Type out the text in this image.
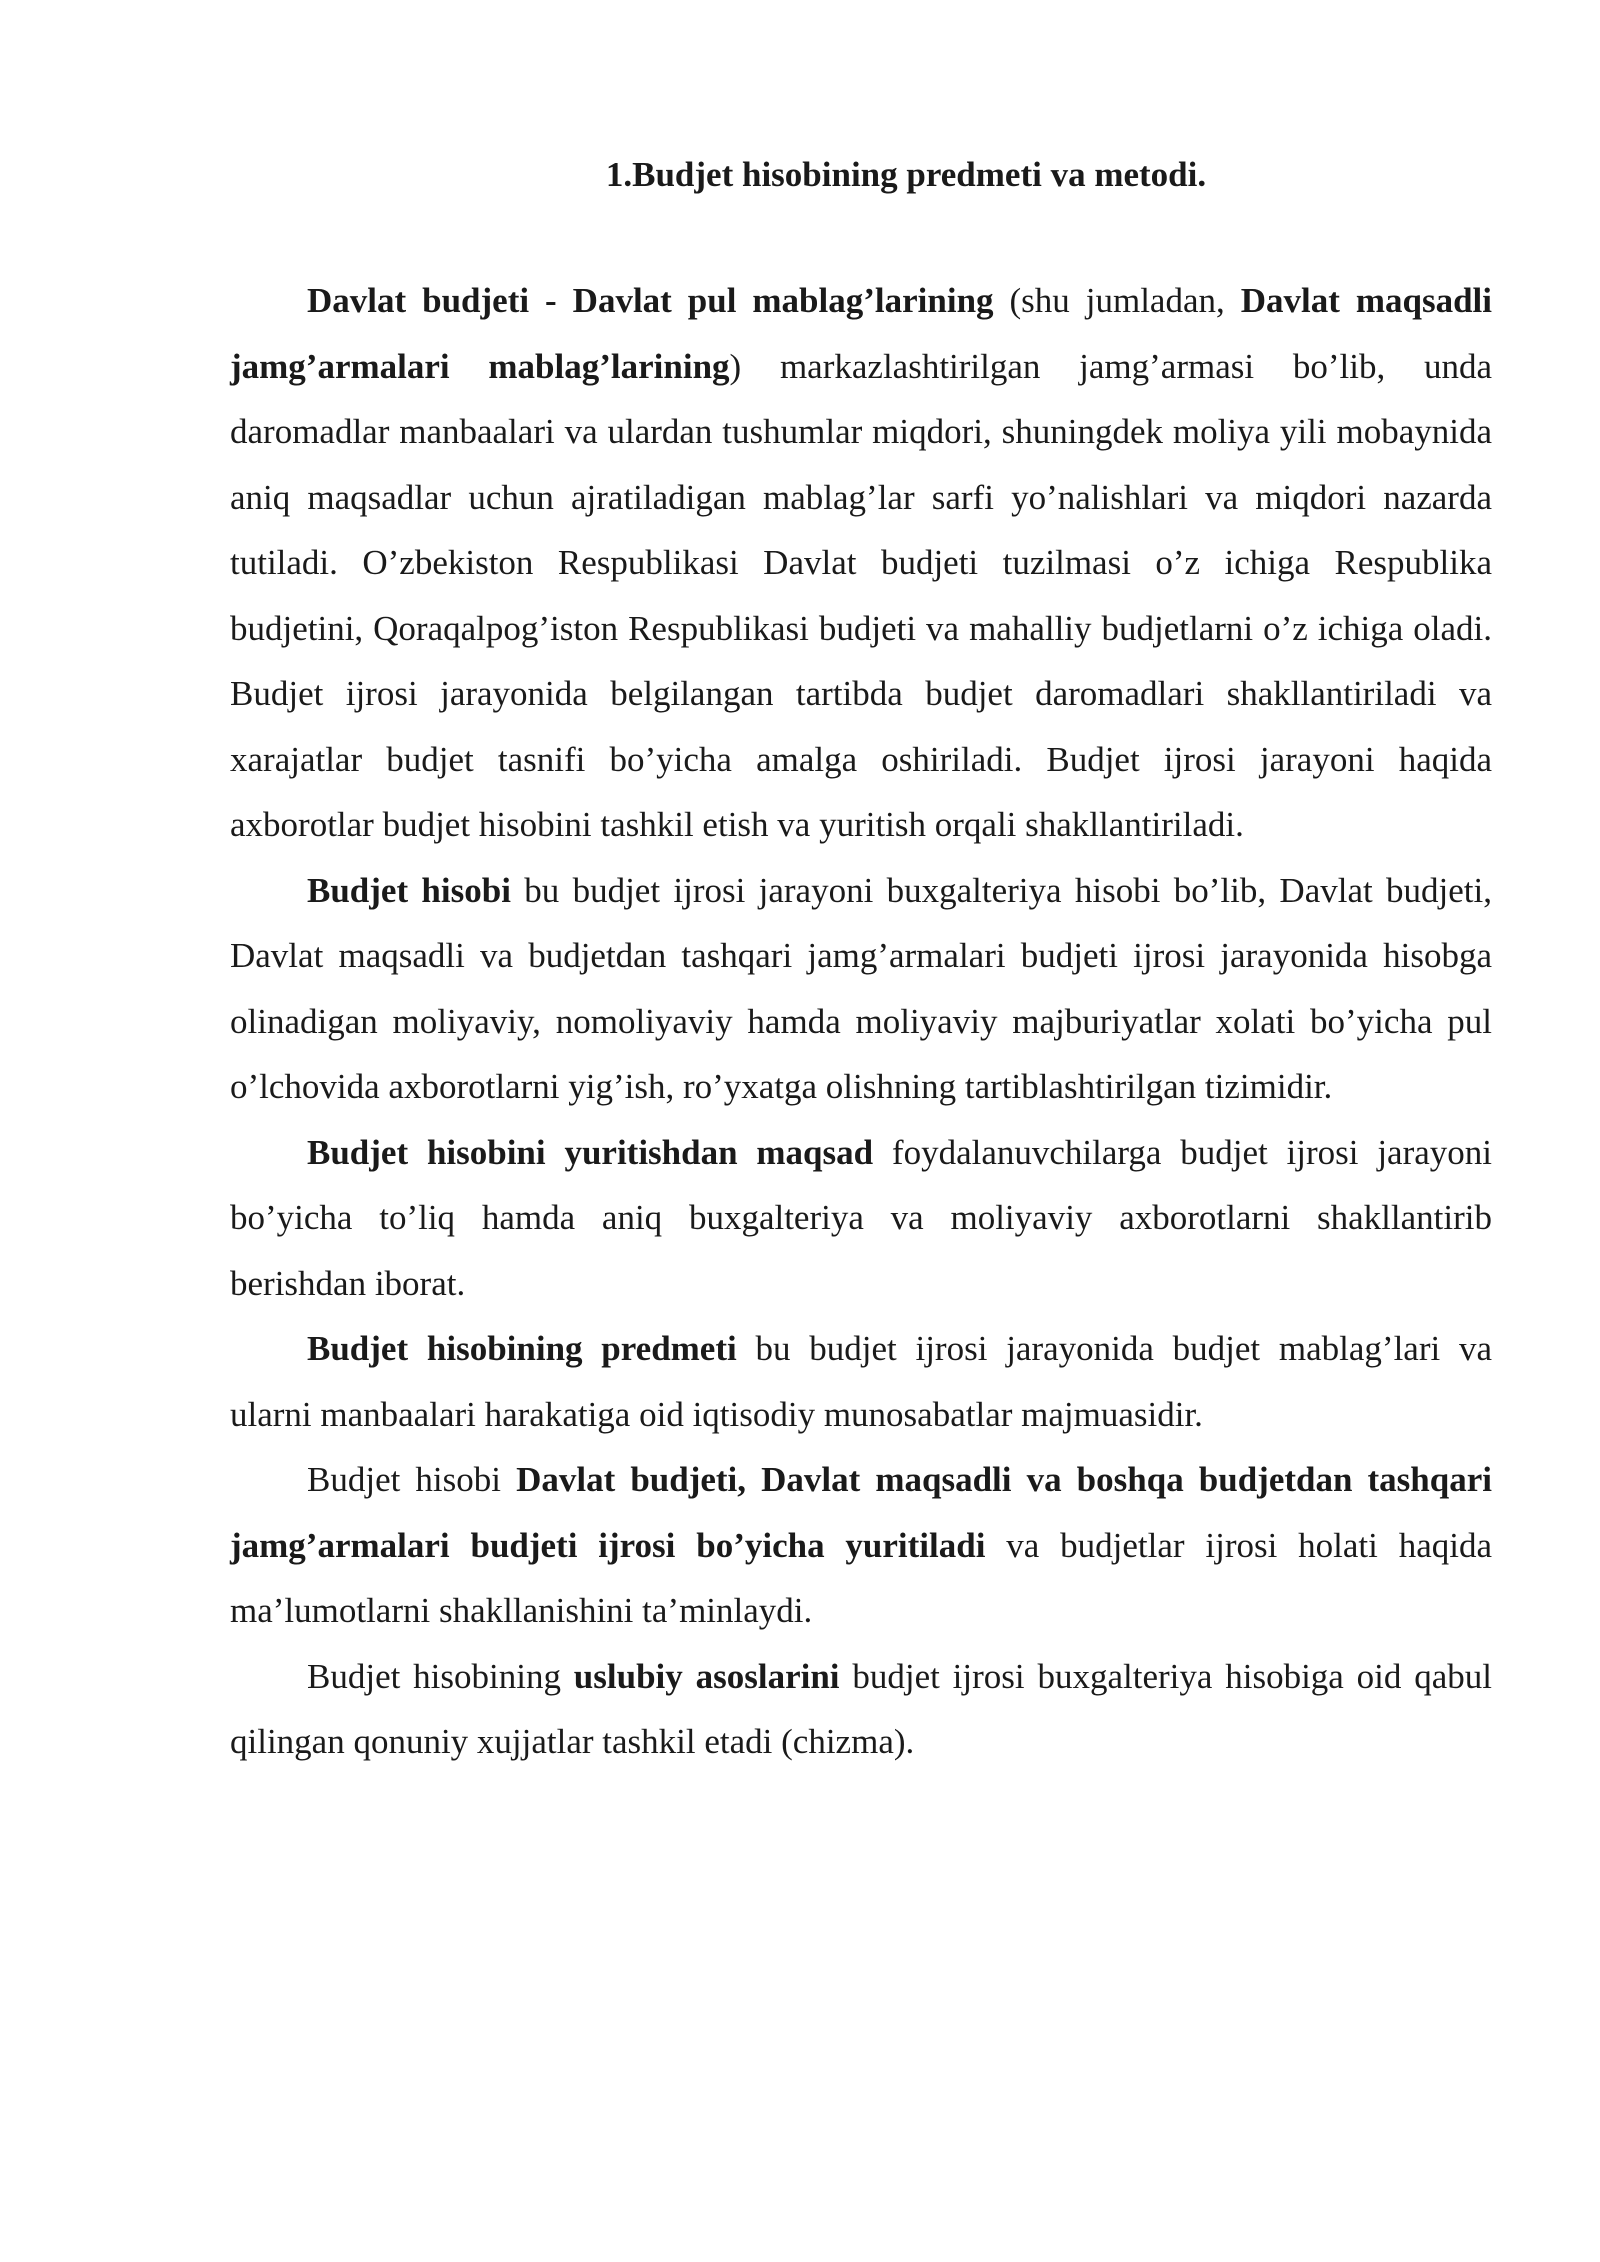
1.Budjet hisobining predmeti va metodi.

Davlat budjeti - Davlat pul mablag’larining (shu jumladan, Davlat maqsadli jamg’armalari mablag’larining) markazlashtirilgan jamg’armasi bo’lib, unda daromadlar manbaalari va ulardan tushumlar miqdori, shuningdek moliya yili mobaynida aniq maqsadlar uchun ajratiladigan mablag’lar sarfi yo’nalishlari va miqdori nazarda tutiladi. O’zbekiston Respublikasi Davlat budjeti tuzilmasi o’z ichiga Respublika budjetini, Qoraqalpog’iston Respublikasi budjeti va mahalliy budjetlarni o’z ichiga oladi. Budjet ijrosi jarayonida belgilangan tartibda budjet daromadlari shakllantiriladi va xarajatlar budjet tasnifi bo’yicha amalga oshiriladi. Budjet ijrosi jarayoni haqida axborotlar budjet hisobini tashkil etish va yuritish orqali shakllantiriladi.

Budjet hisobi bu budjet ijrosi jarayoni buxgalteriya hisobi bo’lib, Davlat budjeti, Davlat maqsadli va budjetdan tashqari jamg’armalari budjeti ijrosi jarayonida hisobga olinadigan moliyaviy, nomoliyaviy hamda moliyaviy majburiyatlar xolati bo’yicha pul o’lchovida axborotlarni yig’ish, ro’yxatga olishning tartiblashtirilgan tizimidir.

Budjet hisobini yuritishdan maqsad foydalanuvchilarga budjet ijrosi jarayoni bo’yicha to’liq hamda aniq buxgalteriya va moliyaviy axborotlarni shakllantirib berishdan iborat.

Budjet hisobining predmeti bu budjet ijrosi jarayonida budjet mablag’lari va ularni manbaalari harakatiga oid iqtisodiy munosabatlar majmuasidir.

Budjet hisobi Davlat budjeti, Davlat maqsadli va boshqa budjetdan tashqari jamg’armalari budjeti ijrosi bo’yicha yuritiladi va budjetlar ijrosi holati haqida ma’lumotlarni shakllanishini ta’minlaydi.

Budjet hisobining uslubiy asoslarini budjet ijrosi buxgalteriya hisobiga oid qabul qilingan qonuniy xujjatlar tashkil etadi (chizma).
